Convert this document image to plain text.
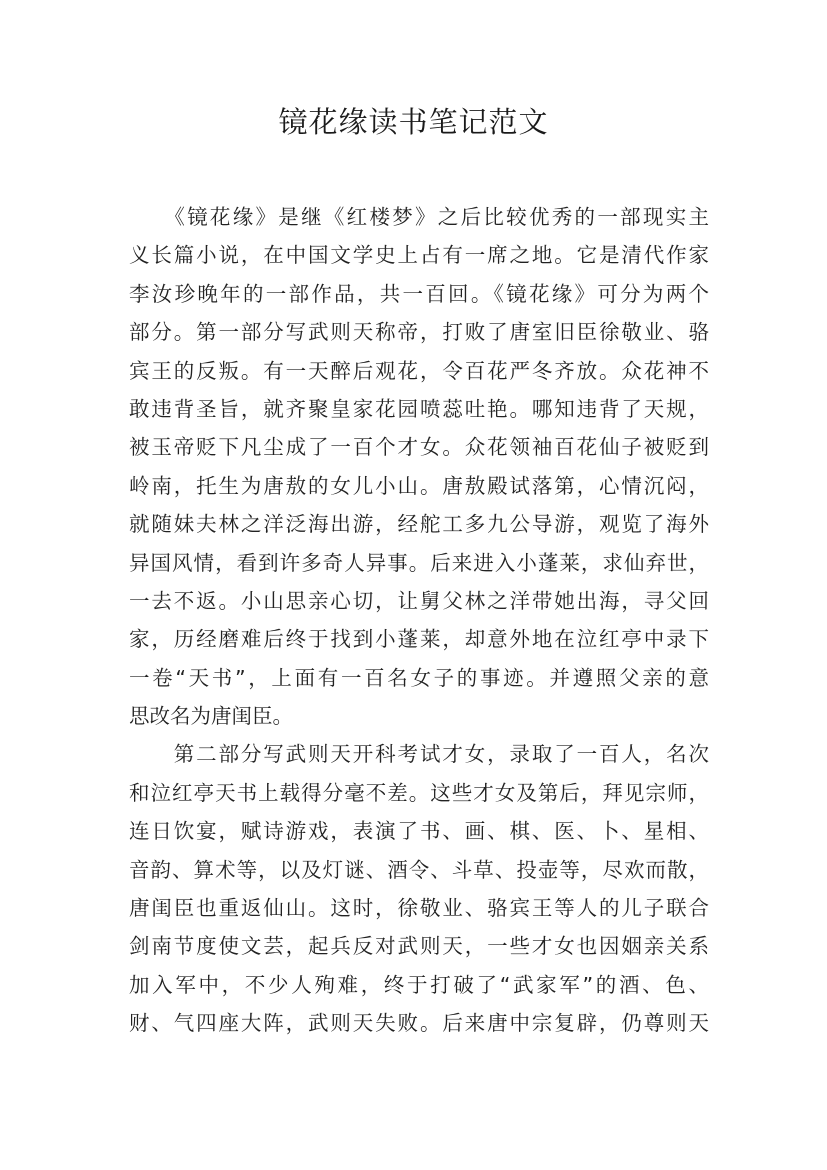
镜花缘读书笔记范文
　　《镜花缘》是继《红楼梦》之后比较优秀的一部现实主
义长篇小说，在中国文学史上占有一席之地。它是清代作家
李汝珍晚年的一部作品，共一百回。《镜花缘》可分为两个
部分。第一部分写武则天称帝，打败了唐室旧臣徐敬业、骆
宾王的反叛。有一天醉后观花，令百花严冬齐放。众花神不
敢违背圣旨，就齐聚皇家花园喷蕊吐艳。哪知违背了天规，
被玉帝贬下凡尘成了一百个才女。众花领袖百花仙子被贬到
岭南，托生为唐敖的女儿小山。唐敖殿试落第，心情沉闷，
就随妹夫林之洋泛海出游，经舵工多九公导游，观览了海外
异国风情，看到许多奇人异事。后来进入小蓬莱，求仙弃世，
一去不返。小山思亲心切，让舅父林之洋带她出海，寻父回
家，历经磨难后终于找到小蓬莱，却意外地在泣红亭中录下
一卷“天书”，上面有一百名女子的事迹。并遵照父亲的意
思改名为唐闺臣。
　　第二部分写武则天开科考试才女，录取了一百人，名次
和泣红亭天书上载得分毫不差。这些才女及第后，拜见宗师，
连日饮宴，赋诗游戏，表演了书、画、棋、医、卜、星相、
音韵、算术等，以及灯谜、酒令、斗草、投壶等，尽欢而散，
唐闺臣也重返仙山。这时，徐敬业、骆宾王等人的儿子联合
剑南节度使文芸，起兵反对武则天，一些才女也因姻亲关系
加入军中，不少人殉难，终于打破了“武家军”的酒、色、
财、气四座大阵，武则天失败。后来唐中宗复辟，仍尊则天
